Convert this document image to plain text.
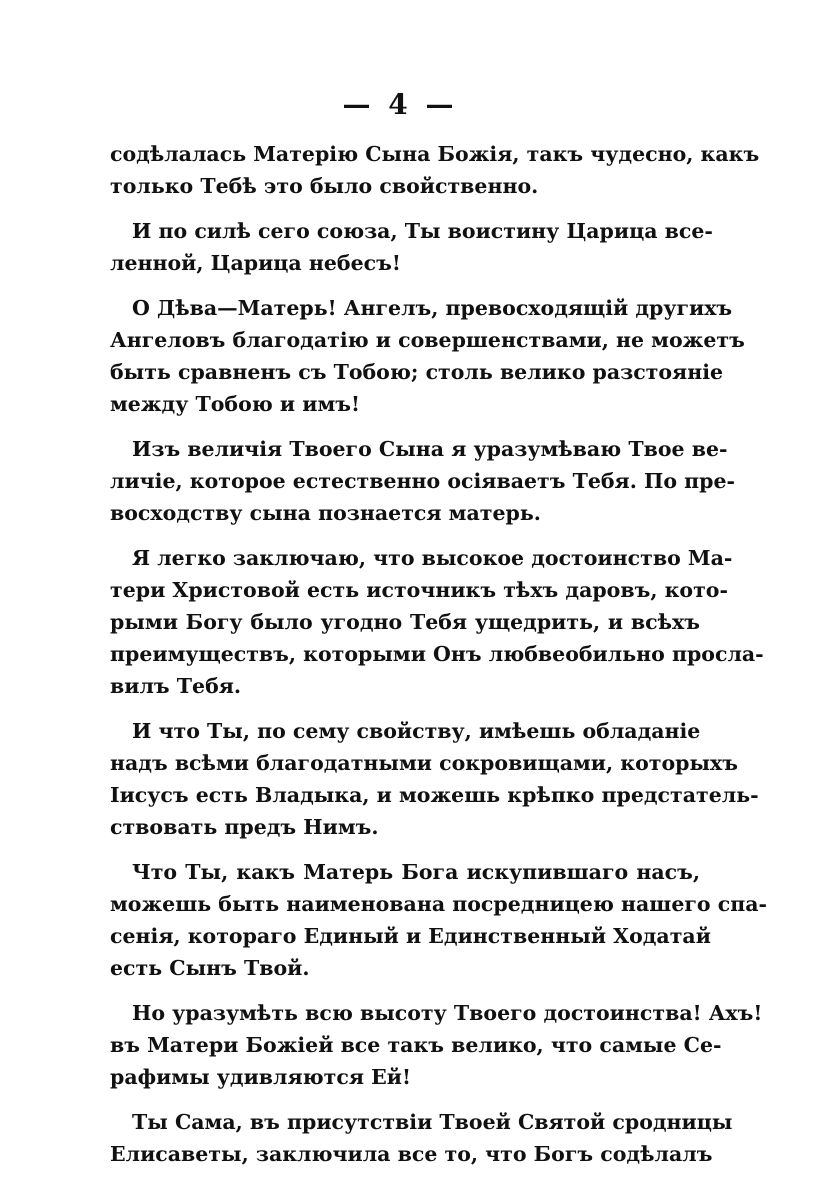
— 4 —

содѣлалась Матерію Сына Божія, такъ чудесно, какъ
только Тебѣ это было свойственно.

И по силѣ сего союза, Ты воистину Царица все-
ленной, Царица небесъ!

О Дѣва—Матерь! Ангелъ, превосходящій другихъ
Ангеловъ благодатію и совершенствами, не можетъ
быть сравненъ съ Тобою; столь велико разстояніе
между Тобою и имъ!

Изъ величія Твоего Сына я уразумѣваю Твое ве-
личіе, которое естественно осіяваетъ Тебя. По пре-
восходству сына познается матерь.

Я легко заключаю, что высокое достоинство Ма-
тери Христовой есть источникъ тѣхъ даровъ, кото-
рыми Богу было угодно Тебя ущедрить, и всѣхъ
преимуществъ, которыми Онъ любвеобильно просла-
вилъ Тебя.

И что Ты, по сему свойству, имѣешь обладаніе
надъ всѣми благодатными сокровищами, которыхъ
Іисусъ есть Владыка, и можешь крѣпко предстатель-
ствовать предъ Нимъ.

Что Ты, какъ Матерь Бога искупившаго насъ,
можешь быть наименована посредницею нашего спа-
сенія, котораго Единый и Единственный Ходатай
есть Сынъ Твой.

Но уразумѣть всю высоту Твоего достоинства! Ахъ!
въ Матери Божіей все такъ велико, что самые Се-
рафимы удивляются Ей!

Ты Сама, въ присутствіи Твоей Святой сродницы
Елисаветы, заключила все то, что Богъ содѣлалъ
